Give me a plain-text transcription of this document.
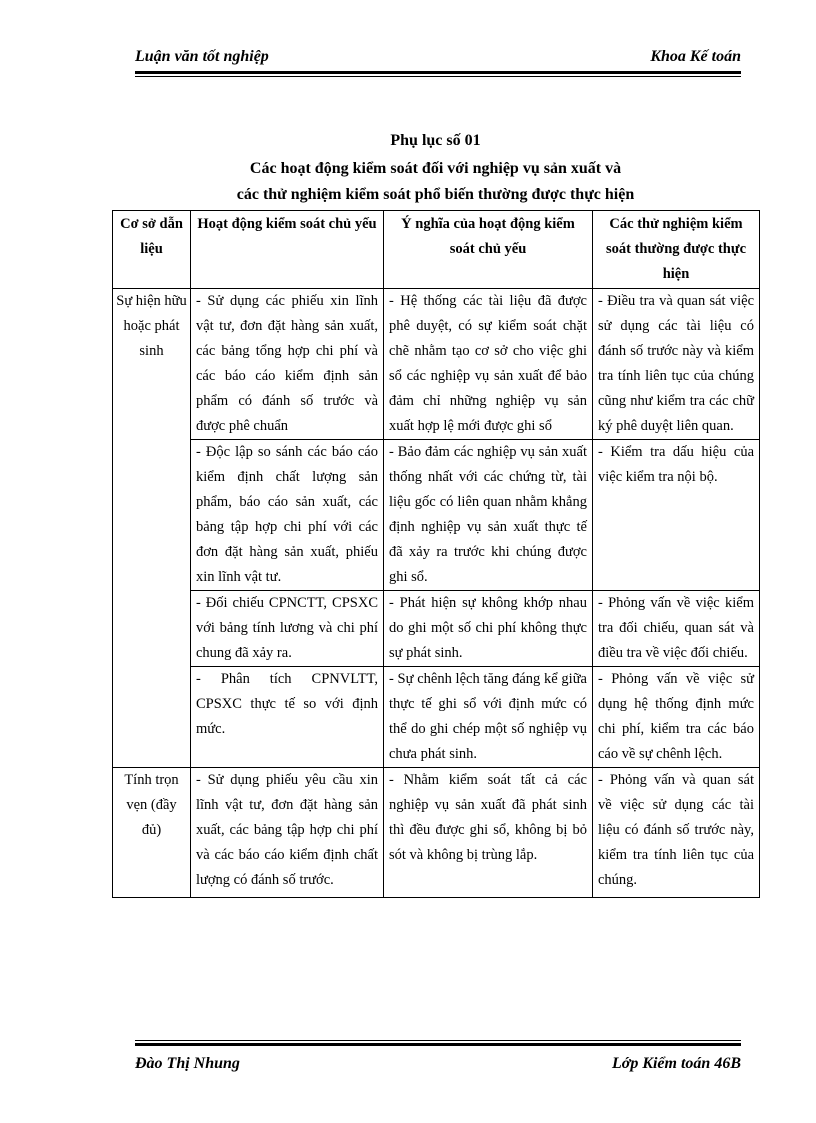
Luận văn tốt nghiệp	Khoa Kế toán
Phụ lục số 01
Các hoạt động kiểm soát đối với nghiệp vụ sản xuất và
các thử nghiệm kiểm soát phổ biến thường được thực hiện
Cơ sở dẫn liệu	Hoạt động kiểm soát chủ yếu	Ý nghĩa của hoạt động kiểm soát chủ yếu	Các thử nghiệm kiểm soát thường được thực hiện
Sự hiện hữu hoặc phát sinh	- Sử dụng các phiếu xin lĩnh vật tư, đơn đặt hàng sản xuất, các bảng tổng hợp chi phí và các báo cáo kiểm định sản phẩm có đánh số trước và được phê chuẩn	- Hệ thống các tài liệu đã được phê duyệt, có sự kiểm soát chặt chẽ nhằm tạo cơ sở cho việc ghi sổ các nghiệp vụ sản xuất để bảo đảm chỉ những nghiệp vụ sản xuất hợp lệ mới được ghi sổ	- Điều tra và quan sát việc sử dụng các tài liệu có đánh số trước này và kiểm tra tính liên tục của chúng cũng như kiểm tra các chữ ký phê duyệt liên quan.
	- Độc lập so sánh các báo cáo kiểm định chất lượng sản phẩm, báo cáo sản xuất, các bảng tập hợp chi phí với các đơn đặt hàng sản xuất, phiếu xin lĩnh vật tư.	- Bảo đảm các nghiệp vụ sản xuất thống nhất với các chứng từ, tài liệu gốc có liên quan nhằm khẳng định nghiệp vụ sản xuất thực tế đã xảy ra trước khi chúng được ghi sổ.	- Kiểm tra dấu hiệu của việc kiểm tra nội bộ.
	- Đối chiếu CPNCTT, CPSXC với bảng tính lương và chi phí chung đã xảy ra.	- Phát hiện sự không khớp nhau do ghi một số chi phí không thực sự phát sinh.	- Phỏng vấn về việc kiểm tra đối chiếu, quan sát và điều tra về việc đối chiếu.
	- Phân tích CPNVLTT, CPSXC thực tế so với định mức.	- Sự chênh lệch tăng đáng kể giữa thực tế ghi sổ với định mức có thể do ghi chép một số nghiệp vụ chưa phát sinh.	- Phỏng vấn về việc sử dụng hệ thống định mức chi phí, kiểm tra các báo cáo về sự chênh lệch.
Tính trọn vẹn (đầy đủ)	- Sử dụng phiếu yêu cầu xin lĩnh vật tư, đơn đặt hàng sản xuất, các bảng tập hợp chi phí và các báo cáo kiểm định chất lượng có đánh số trước.	- Nhằm kiểm soát tất cả các nghiệp vụ sản xuất đã phát sinh thì đều được ghi sổ, không bị bỏ sót và không bị trùng lắp.	- Phỏng vấn và quan sát về việc sử dụng các tài liệu có đánh số trước này, kiểm tra tính liên tục của chúng.
Đào Thị Nhung	Lớp Kiểm toán 46B
